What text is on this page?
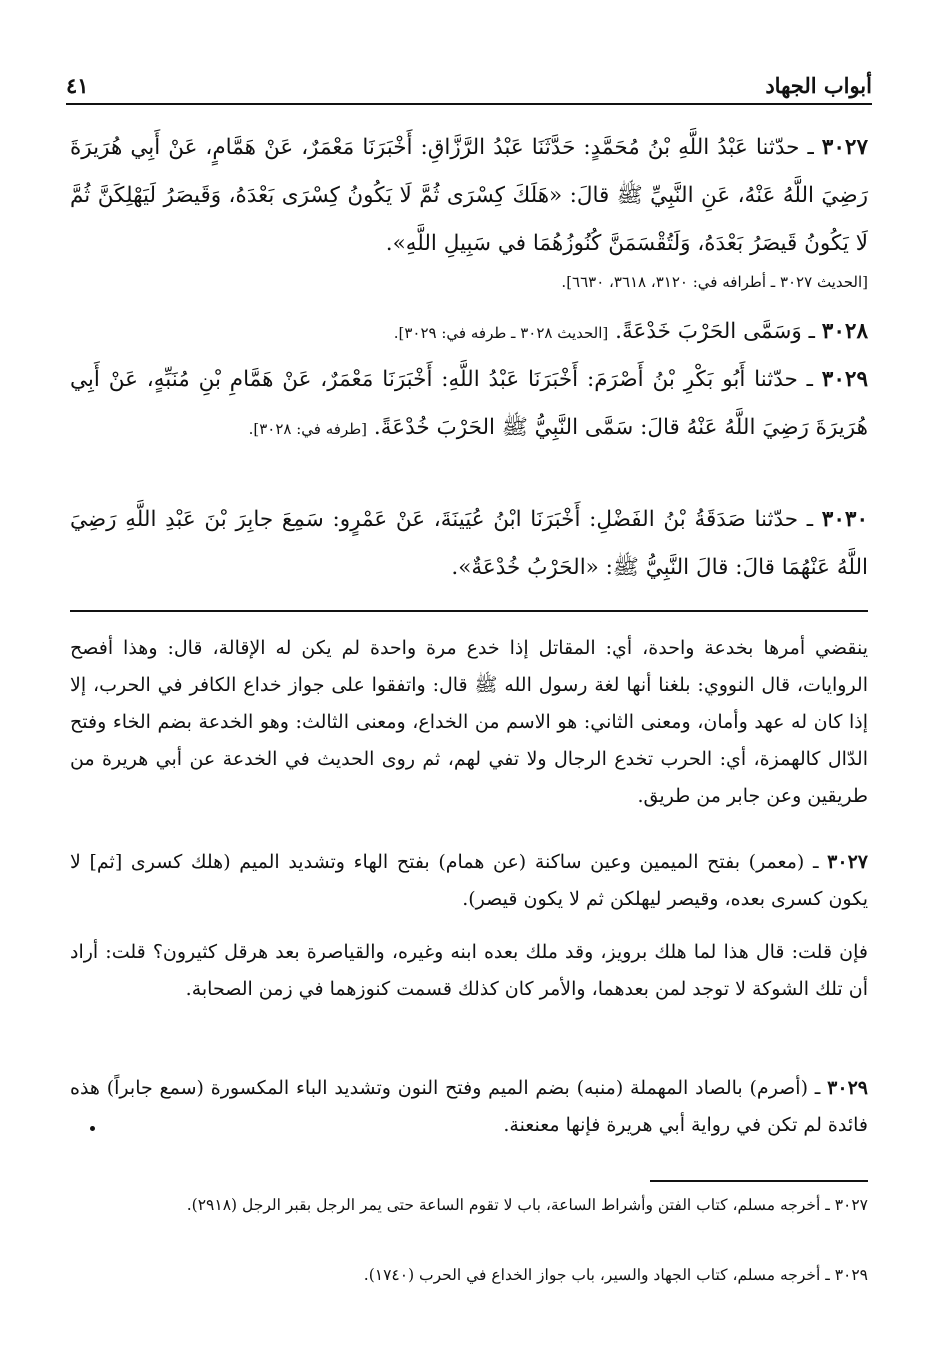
أبواب الجهاد
٤١
٣٠٢٧ ـ حدّثنا عَبْدُ اللَّهِ بْنُ مُحَمَّدٍ: حَدَّثَنَا عَبْدُ الرَّزَّاقِ: أَخْبَرَنَا مَعْمَرٌ، عَنْ هَمَّامٍ، عَنْ أَبِي هُرَيرَةَ رَضِيَ اللَّهُ عَنْهُ، عَنِ النَّبِيِّ ﷺ قالَ: «هَلَكَ كِسْرَى ثُمَّ لَا يَكُونُ كِسْرَى بَعْدَهُ، وَقَيصَرُ لَيَهْلِكَنَّ ثُمَّ لَا يَكُونُ قَيصَرُ بَعْدَهُ، وَلَتُقْسَمَنَّ كُنُوزُهُمَا في سَبِيلِ اللَّهِ».
[الحديث ٣٠٢٧ ـ أطرافه في: ٣١٢٠، ٣٦١٨، ٦٦٣٠].
٣٠٢٨ ـ وَسَمَّى الحَرْبَ خَدْعَةً. [الحديث ٣٠٢٨ ـ طرفه في: ٣٠٢٩].
٣٠٢٩ ـ حدّثنا أَبُو بَكْرِ بْنُ أَصْرَمَ: أَخْبَرَنَا عَبْدُ اللَّهِ: أَخْبَرَنَا مَعْمَرٌ، عَنْ هَمَّامِ بْنِ مُنَبِّهٍ، عَنْ أَبِي هُرَيرَةَ رَضِيَ اللَّهُ عَنْهُ قالَ: سَمَّى النَّبِيُّ ﷺ الحَرْبَ خُدْعَةً. [طرفه في: ٣٠٢٨].
٣٠٣٠ ـ حدّثنا صَدَقَةُ بْنُ الفَضْلِ: أَخْبَرَنَا ابْنُ عُيَينَةَ، عَنْ عَمْرٍو: سَمِعَ جابِرَ بْنَ عَبْدِ اللَّهِ رَضِيَ اللَّهُ عَنْهُمَا قالَ: قالَ النَّبِيُّ ﷺ: «الحَرْبُ خُدْعَةٌ».
ينقضي أمرها بخدعة واحدة، أي: المقاتل إذا خدع مرة واحدة لم يكن له الإقالة، قال: وهذا أفصح الروايات، قال النووي: بلغنا أنها لغة رسول الله ﷺ قال: واتفقوا على جواز خداع الكافر في الحرب، إلا إذا كان له عهد وأمان، ومعنى الثاني: هو الاسم من الخداع، ومعنى الثالث: وهو الخدعة بضم الخاء وفتح الدّال كالهمزة، أي: الحرب تخدع الرجال ولا تفي لهم، ثم روى الحديث في الخدعة عن أبي هريرة من طريقين وعن جابر من طريق.
٣٠٢٧ ـ (معمر) بفتح الميمين وعين ساكنة (عن همام) بفتح الهاء وتشديد الميم (هلك كسرى [ثم] لا يكون كسرى بعده، وقيصر ليهلكن ثم لا يكون قيصر).
فإن قلت: قال هذا لما هلك برويز، وقد ملك بعده ابنه وغيره، والقياصرة بعد هرقل كثيرون؟ قلت: أراد أن تلك الشوكة لا توجد لمن بعدهما، والأمر كان كذلك قسمت كنوزهما في زمن الصحابة.
٣٠٢٩ ـ (أصرم) بالصاد المهملة (منبه) بضم الميم وفتح النون وتشديد الباء المكسورة (سمع جابراً) هذه فائدة لم تكن في رواية أبي هريرة فإنها معنعنة.
٣٠٢٧ ـ أخرجه مسلم، كتاب الفتن وأشراط الساعة، باب لا تقوم الساعة حتى يمر الرجل بقبر الرجل (٢٩١٨).
٣٠٢٩ ـ أخرجه مسلم، كتاب الجهاد والسير، باب جواز الخداع في الحرب (١٧٤٠).
